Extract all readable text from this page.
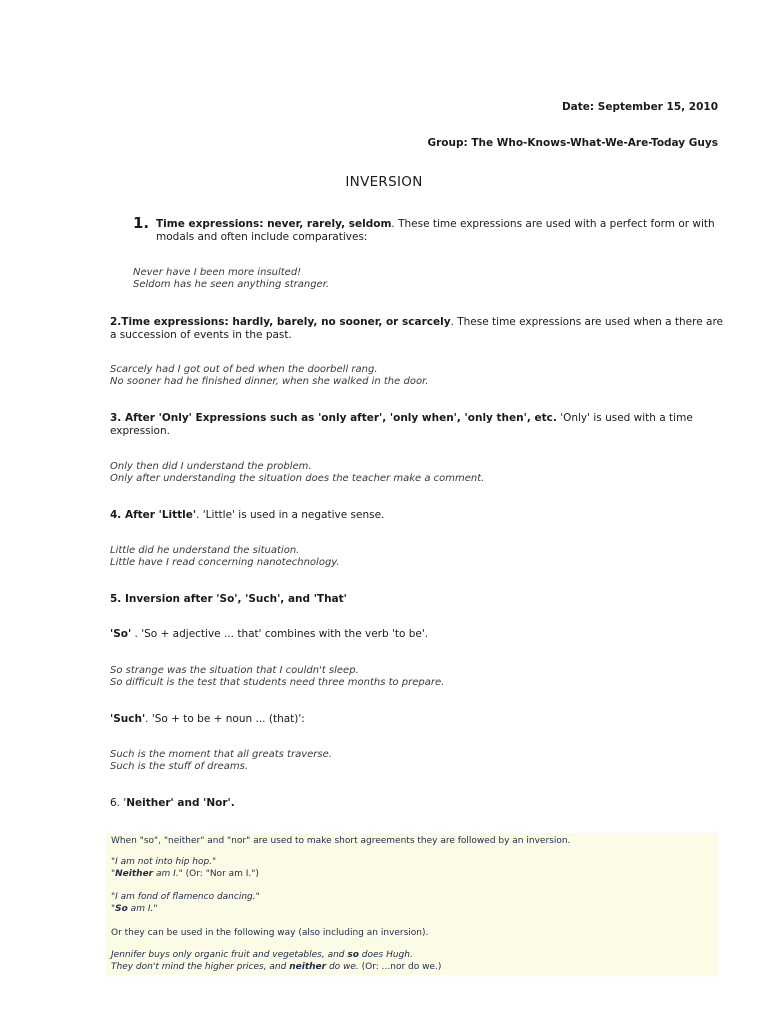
Date: September 15, 2010
Group: The Who-Knows-What-We-Are-Today Guys
INVERSION
1. Time expressions: never, rarely, seldom. These time expressions are used with a perfect form or with
modals and often include comparatives:
Never have I been more insulted!
Seldom has he seen anything stranger.
2.Time expressions: hardly, barely, no sooner, or scarcely. These time expressions are used when a there are
a succession of events in the past.
Scarcely had I got out of bed when the doorbell rang.
No sooner had he finished dinner, when she walked in the door.
3. After 'Only' Expressions such as 'only after', 'only when', 'only then', etc. 'Only' is used with a time
expression.
Only then did I understand the problem.
Only after understanding the situation does the teacher make a comment.
4. After 'Little'. 'Little' is used in a negative sense.
Little did he understand the situation.
Little have I read concerning nanotechnology.
5. Inversion after 'So', 'Such', and 'That'
'So' . 'So + adjective ... that' combines with the verb 'to be'.
So strange was the situation that I couldn't sleep.
So difficult is the test that students need three months to prepare.
'Such'. 'So + to be + noun ... (that)':
Such is the moment that all greats traverse.
Such is the stuff of dreams.
6. 'Neither' and 'Nor'.
When "so", "neither" and "nor" are used to make short agreements they are followed by an inversion.
"I am not into hip hop."
"Neither am I." (Or: "Nor am I.")
"I am fond of flamenco dancing."
"So am I."
Or they can be used in the following way (also including an inversion).
Jennifer buys only organic fruit and vegetables, and so does Hugh.
They don't mind the higher prices, and neither do we. (Or: ...nor do we.)
